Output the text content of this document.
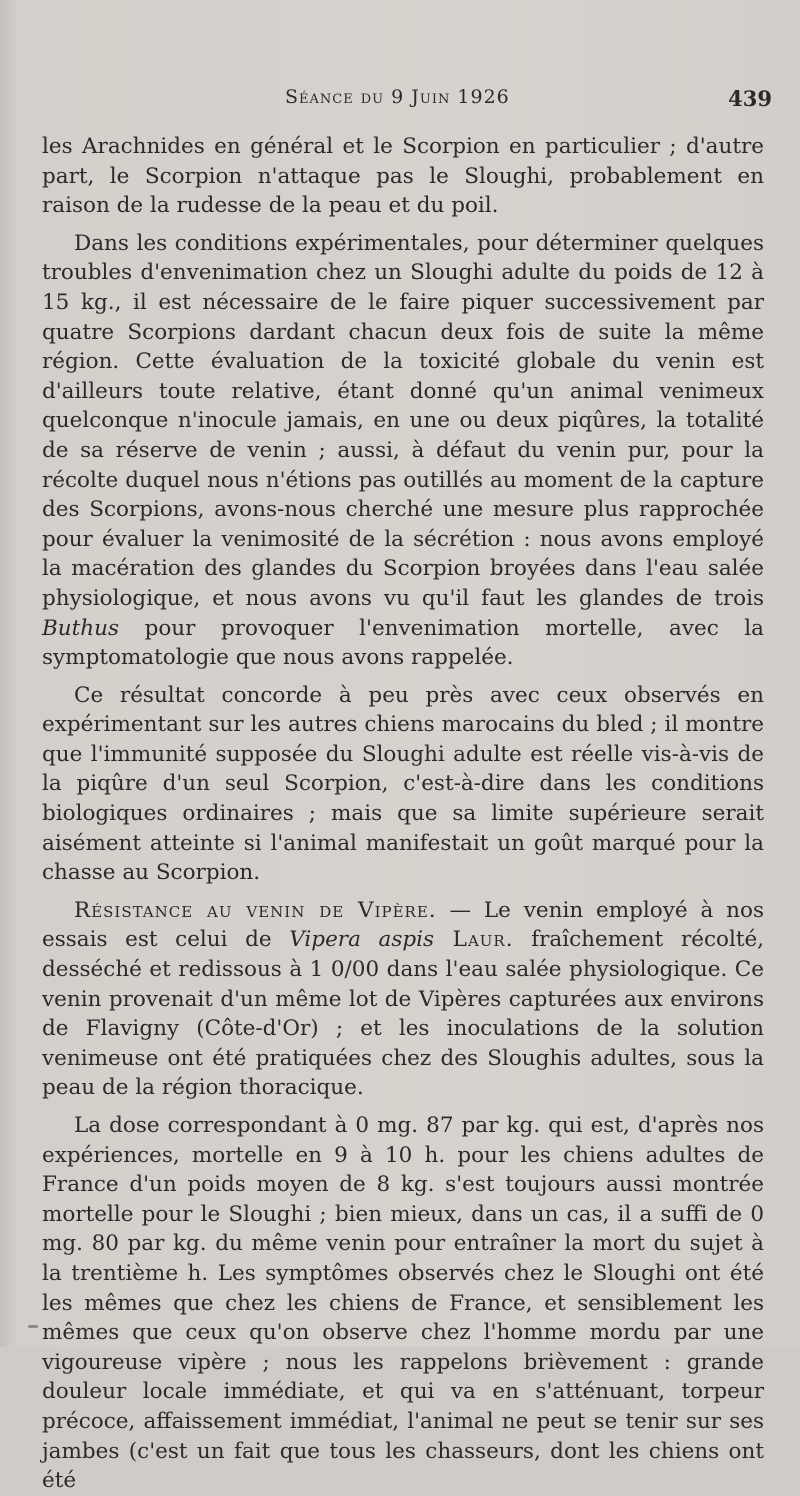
Séance du 9 Juin 1926	439

les Arachnides en général et le Scorpion en particulier ; d'autre part, le Scorpion n'attaque pas le Sloughi, probablement en raison de la rudesse de la peau et du poil.

Dans les conditions expérimentales, pour déterminer quelques troubles d'envenimation chez un Sloughi adulte du poids de 12 à 15 kg., il est nécessaire de le faire piquer successivement par quatre Scorpions dardant chacun deux fois de suite la même région. Cette évaluation de la toxicité globale du venin est d'ailleurs toute relative, étant donné qu'un animal venimeux quelconque n'inocule jamais, en une ou deux piqûres, la totalité de sa réserve de venin ; aussi, à défaut du venin pur, pour la récolte duquel nous n'étions pas outillés au moment de la capture des Scorpions, avons-nous cherché une mesure plus rapprochée pour évaluer la venimosité de la sécrétion : nous avons employé la macération des glandes du Scorpion broyées dans l'eau salée physiologique, et nous avons vu qu'il faut les glandes de trois Buthus pour provoquer l'envenimation mortelle, avec la symptomatologie que nous avons rappelée.

Ce résultat concorde à peu près avec ceux observés en expérimentant sur les autres chiens marocains du bled ; il montre que l'immunité supposée du Sloughi adulte est réelle vis-à-vis de la piqûre d'un seul Scorpion, c'est-à-dire dans les conditions biologiques ordinaires ; mais que sa limite supérieure serait aisément atteinte si l'animal manifestait un goût marqué pour la chasse au Scorpion.

Résistance au venin de Vipère. — Le venin employé à nos essais est celui de Vipera aspis Laur. fraîchement récolté, desséché et redissous à 1 0/00 dans l'eau salée physiologique. Ce venin provenait d'un même lot de Vipères capturées aux environs de Flavigny (Côte-d'Or) ; et les inoculations de la solution venimeuse ont été pratiquées chez des Sloughis adultes, sous la peau de la région thoracique.

La dose correspondant à 0 mg. 87 par kg. qui est, d'après nos expériences, mortelle en 9 à 10 h. pour les chiens adultes de France d'un poids moyen de 8 kg. s'est toujours aussi montrée mortelle pour le Sloughi ; bien mieux, dans un cas, il a suffi de 0 mg. 80 par kg. du même venin pour entraîner la mort du sujet à la trentième h. Les symptômes observés chez le Sloughi ont été les mêmes que chez les chiens de France, et sensiblement les mêmes que ceux qu'on observe chez l'homme mordu par une vigoureuse vipère ; nous les rappelons brièvement : grande douleur locale immédiate, et qui va en s'atténuant, torpeur précoce, affaissement immédiat, l'animal ne peut se tenir sur ses jambes (c'est un fait que tous les chasseurs, dont les chiens ont été
